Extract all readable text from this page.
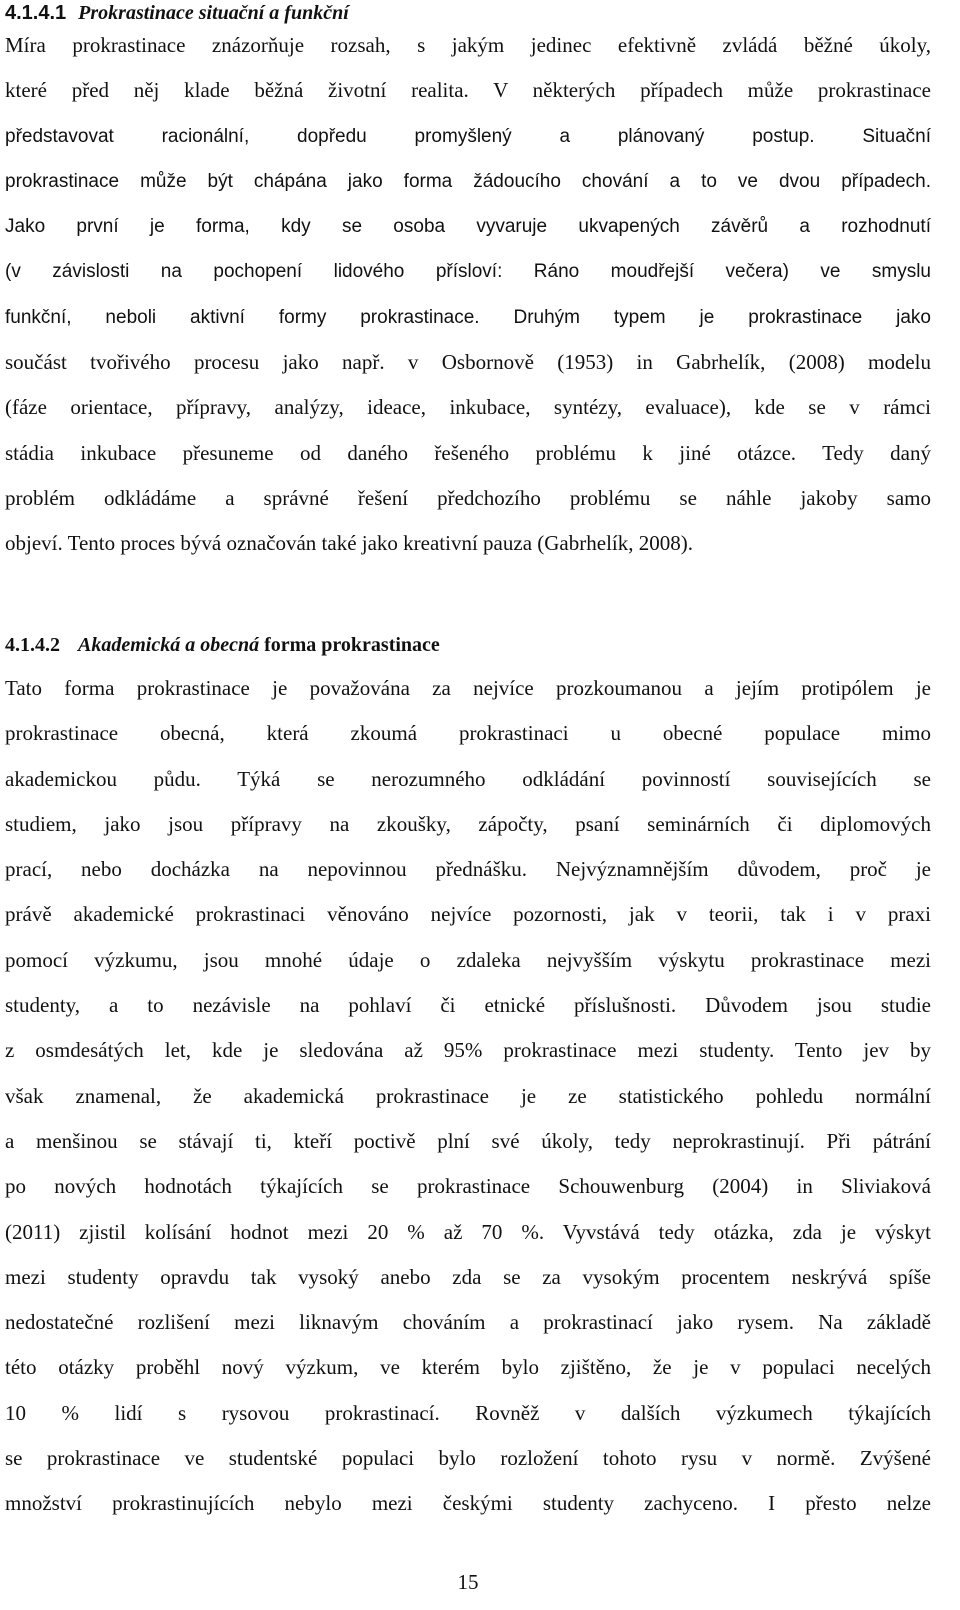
4.1.4.1 Prokrastinace situační a funkční
Míra prokrastinace znázorňuje rozsah, s jakým jedinec efektivně zvládá běžné úkoly,
které před něj klade běžná životní realita. V některých případech může prokrastinace
představovat racionální, dopředu promyšlený a plánovaný postup. Situační
prokrastinace může být chápána jako forma žádoucího chování a to ve dvou případech.
Jako první je forma, kdy se osoba vyvaruje ukvapených závěrů a rozhodnutí
(v závislosti na pochopení lidového přísloví: Ráno moudřejší večera) ve smyslu
funkční, neboli aktivní formy prokrastinace. Druhým typem je prokrastinace jako
součást tvořivého procesu jako např. v Osbornově (1953) in Gabrhelík, (2008) modelu
(fáze orientace, přípravy, analýzy, ideace, inkubace, syntézy, evaluace), kde se v rámci
stádia inkubace přesuneme od daného řešeného problému k jiné otázce. Tedy daný
problém odkládáme a správné řešení předchozího problému se náhle jakoby samo
objeví. Tento proces bývá označován také jako kreativní pauza (Gabrhelík, 2008).
4.1.4.2 Akademická a obecná forma prokrastinace
Tato forma prokrastinace je považována za nejvíce prozkoumanou a jejím protipólem je
prokrastinace obecná, která zkoumá prokrastinaci u obecné populace mimo
akademickou půdu. Týká se nerozumného odkládání povinností souvisejících se
studiem, jako jsou přípravy na zkoušky, zápočty, psaní seminárních či diplomových
prací, nebo docházka na nepovinnou přednášku. Nejvýznamnějším důvodem, proč je
právě akademické prokrastinaci věnováno nejvíce pozornosti, jak v teorii, tak i v praxi
pomocí výzkumu, jsou mnohé údaje o zdaleka nejvyšším výskytu prokrastinace mezi
studenty, a to nezávisle na pohlaví či etnické příslušnosti. Důvodem jsou studie
z osmdesátých let, kde je sledována až 95% prokrastinace mezi studenty. Tento jev by
však znamenal, že akademická prokrastinace je ze statistického pohledu normální
a menšinou se stávají ti, kteří poctivě plní své úkoly, tedy neprokrastinují. Při pátrání
po nových hodnotách týkajících se prokrastinace Schouwenburg (2004) in Sliviaková
(2011) zjistil kolísání hodnot mezi 20 % až 70 %. Vyvstává tedy otázka, zda je výskyt
mezi studenty opravdu tak vysoký anebo zda se za vysokým procentem neskrývá spíše
nedostatečné rozlišení mezi liknavým chováním a prokrastinací jako rysem. Na základě
této otázky proběhl nový výzkum, ve kterém bylo zjištěno, že je v populaci necelých
10 % lidí s rysovou prokrastinací. Rovněž v dalších výzkumech týkajících
se prokrastinace ve studentské populaci bylo rozložení tohoto rysu v normě. Zvýšené
množství prokrastinujících nebylo mezi českými studenty zachyceno. I přesto nelze
15
